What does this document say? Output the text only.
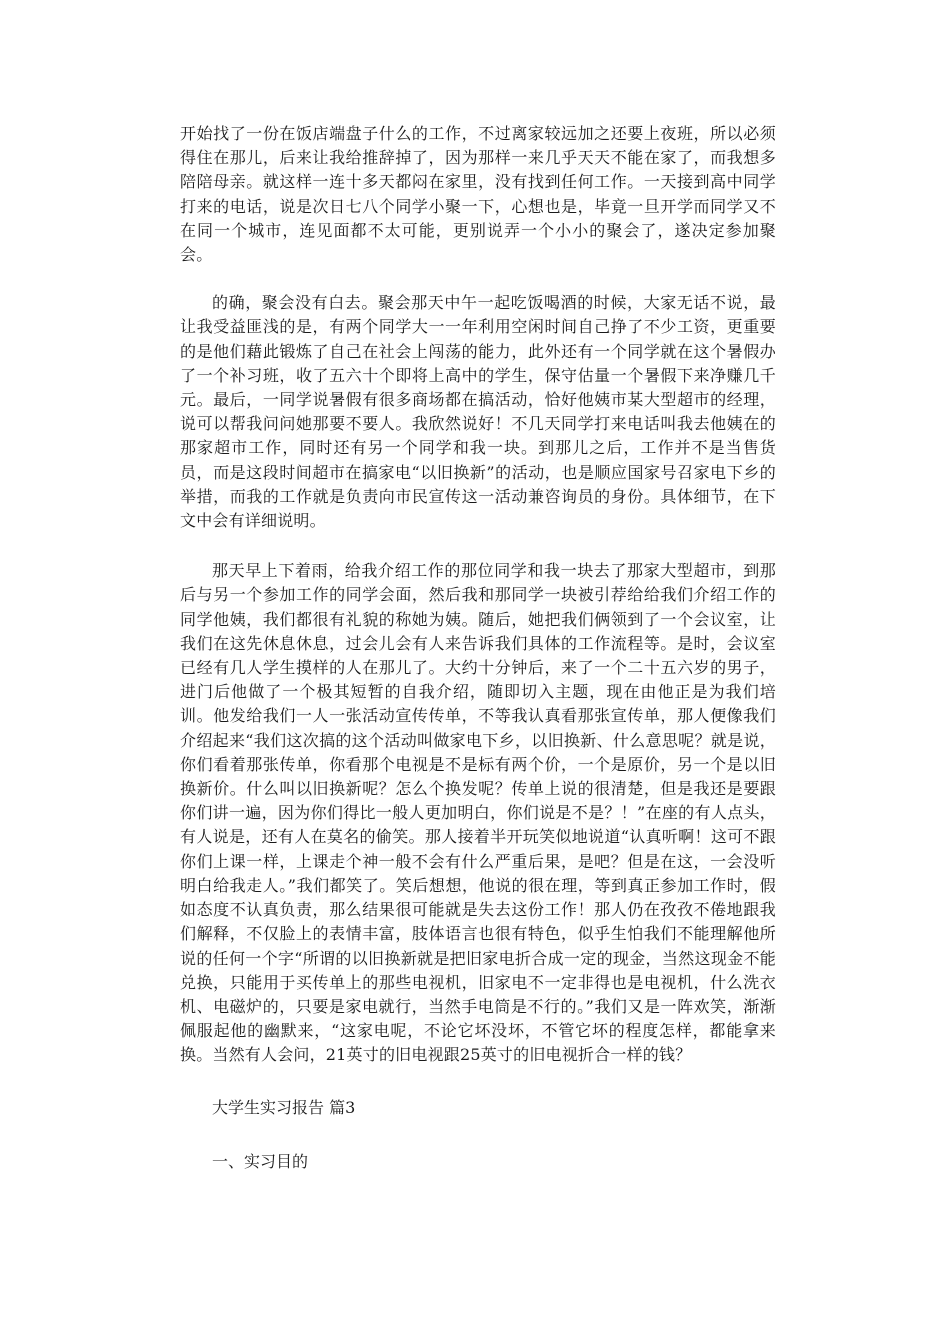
开始找了一份在饭店端盘子什么的工作，不过离家较远加之还要上夜班，所以必须得住在那儿，后来让我给推辞掉了，因为那样一来几乎天天不能在家了，而我想多陪陪母亲。就这样一连十多天都闷在家里，没有找到任何工作。一天接到高中同学打来的电话，说是次日七八个同学小聚一下，心想也是，毕竟一旦开学而同学又不在同一个城市，连见面都不太可能，更别说弄一个小小的聚会了，遂决定参加聚会。

的确，聚会没有白去。聚会那天中午一起吃饭喝酒的时候，大家无话不说，最让我受益匪浅的是，有两个同学大一一年利用空闲时间自己挣了不少工资，更重要的是他们藉此锻炼了自己在社会上闯荡的能力，此外还有一个同学就在这个暑假办了一个补习班，收了五六十个即将上高中的学生，保守估量一个暑假下来净赚几千元。最后，一同学说暑假有很多商场都在搞活动，恰好他姨市某大型超市的经理，说可以帮我问问她那要不要人。我欣然说好！不几天同学打来电话叫我去他姨在的那家超市工作，同时还有另一个同学和我一块。到那儿之后，工作并不是当售货员，而是这段时间超市在搞家电“以旧换新”的活动，也是顺应国家号召家电下乡的举措，而我的工作就是负责向市民宣传这一活动兼咨询员的身份。具体细节，在下文中会有详细说明。

那天早上下着雨，给我介绍工作的那位同学和我一块去了那家大型超市，到那后与另一个参加工作的同学会面，然后我和那同学一块被引荐给给我们介绍工作的同学他姨，我们都很有礼貌的称她为姨。随后，她把我们俩领到了一个会议室，让我们在这先休息休息，过会儿会有人来告诉我们具体的工作流程等。是时，会议室已经有几人学生摸样的人在那儿了。大约十分钟后，来了一个二十五六岁的男子，进门后他做了一个极其短暂的自我介绍，随即切入主题，现在由他正是为我们培训。他发给我们一人一张活动宣传传单，不等我认真看那张宣传单，那人便像我们介绍起来“我们这次搞的这个活动叫做家电下乡，以旧换新、什么意思呢？就是说，你们看着那张传单，你看那个电视是不是标有两个价，一个是原价，另一个是以旧换新价。什么叫以旧换新呢？怎么个换发呢？传单上说的很清楚，但是我还是要跟你们讲一遍，因为你们得比一般人更加明白，你们说是不是？！”在座的有人点头，有人说是，还有人在莫名的偷笑。那人接着半开玩笑似地说道“认真听啊！这可不跟你们上课一样，上课走个神一般不会有什么严重后果，是吧？但是在这，一会没听明白给我走人。”我们都笑了。笑后想想，他说的很在理，等到真正参加工作时，假如态度不认真负责，那么结果很可能就是失去这份工作！那人仍在孜孜不倦地跟我们解释，不仅脸上的表情丰富，肢体语言也很有特色，似乎生怕我们不能理解他所说的任何一个字“所谓的以旧换新就是把旧家电折合成一定的现金，当然这现金不能兑换，只能用于买传单上的那些电视机，旧家电不一定非得也是电视机，什么洗衣机、电磁炉的，只要是家电就行，当然手电筒是不行的。”我们又是一阵欢笑，渐渐佩服起他的幽默来，“这家电呢，不论它坏没坏，不管它坏的程度怎样，都能拿来换。当然有人会问，21英寸的旧电视跟25英寸的旧电视折合一样的钱？

大学生实习报告 篇3
一、实习目的
